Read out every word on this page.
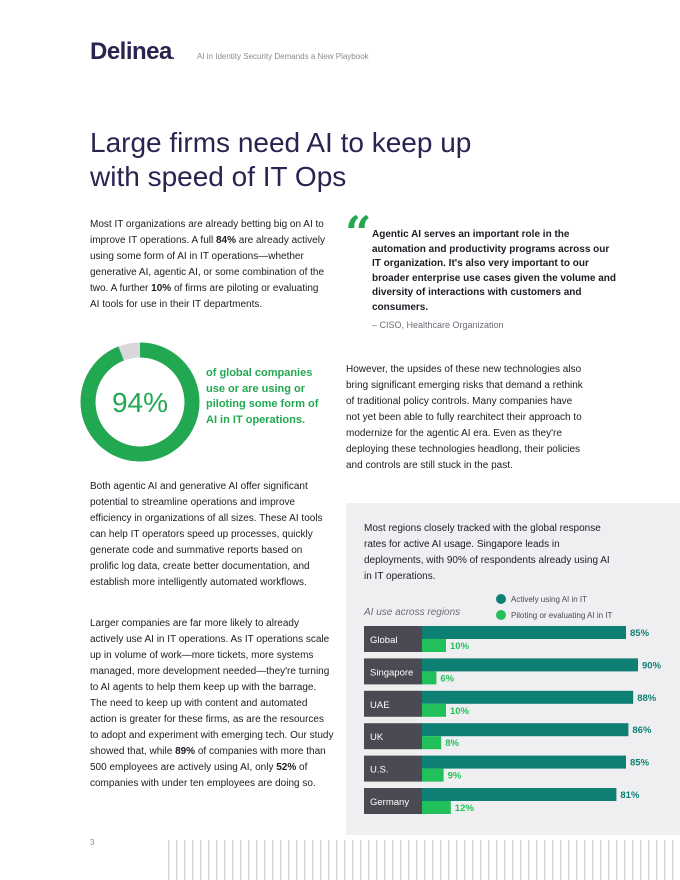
Delinea.	AI in Identity Security Demands a New Playbook
Large firms need AI to keep up with speed of IT Ops

Most IT organizations are already betting big on AI to improve IT operations. A full 84% are already actively using some form of AI in IT operations—whether generative AI, agentic AI, or some combination of the two. A further 10% of firms are piloting or evaluating AI tools for use in their IT departments.

“ Agentic AI serves an important role in the automation and productivity programs across our IT organization. It's also very important to our broader enterprise use cases given the volume and diversity of interactions with customers and consumers.

– CISO, Healthcare Organization
94%
of global companies use or are using or piloting some form of AI in IT operations.

However, the upsides of these new technologies also bring significant emerging risks that demand a rethink of traditional policy controls. Many companies have not yet been able to fully rearchitect their approach to modernize for the agentic AI era. Even as they're deploying these technologies headlong, their policies and controls are still stuck in the past.

Both agentic AI and generative AI offer significant potential to streamline operations and improve efficiency in organizations of all sizes. These AI tools can help IT operators speed up processes, quickly generate code and summative reports based on prolific log data, create better documentation, and establish more intelligently automated workflows.

Larger companies are far more likely to already actively use AI in IT operations. As IT operations scale up in volume of work—more tickets, more systems managed, more development needed—they're turning to AI agents to help them keep up with the barrage. The need to keep up with content and automated action is greater for these firms, as are the resources to adopt and experiment with emerging tech. Our study showed that, while 89% of companies with more than 500 employees are actively using AI, only 52% of companies with under ten employees are doing so.

Most regions closely tracked with the global response rates for active AI usage. Singapore leads in deployments, with 90% of respondents already using AI in IT operations.

Actively using AI in IT
Piloting or evaluating AI in IT
AI use across regions
Global
85%
10%
Singapore
90%
6%
UAE
88%
10%
UK
86%
8%
U.S.
85%
9%
Germany
81%
12%
3
